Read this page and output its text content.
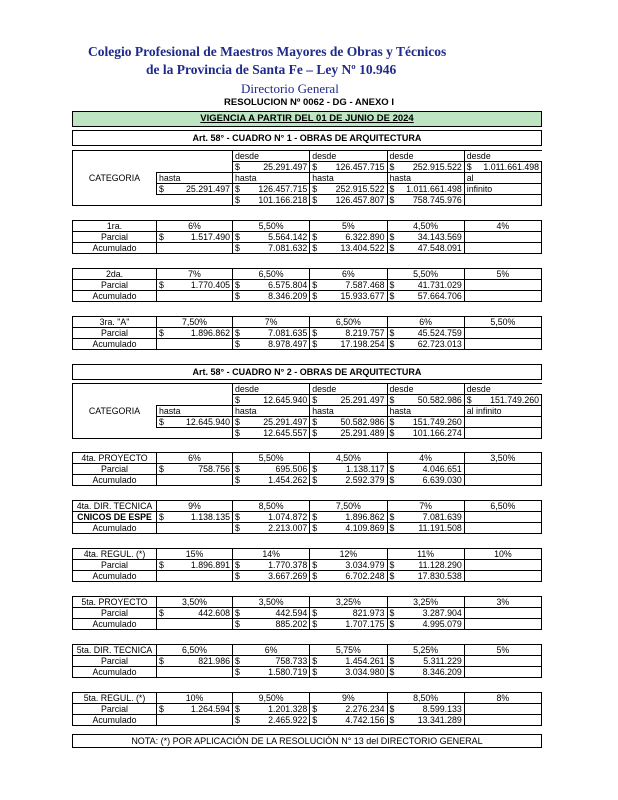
Colegio Profesional de Maestros Mayores de Obras y Técnicos
de la Provincia de Santa Fe – Ley Nº 10.946
Directorio General
RESOLUCION Nº 0062 - DG - ANEXO I
VIGENCIA A PARTIR DEL 01 DE JUNIO DE 2024
Art. 58° - CUADRO N° 1 - OBRAS DE ARQUITECTURA
Art. 58° - CUADRO N° 2 - OBRAS DE ARQUITECTURA
NOTA: (*) POR APLICACIÓN DE LA RESOLUCIÓN N° 13 del DIRECTORIO GENERAL
		desde	desde	desde	desde

		$ 25.291.497	$ 126.457.715	$ 252.915.522	$ 1.011.661.498
CATEGORIA	hasta	hasta	hasta	hasta	al

	$ 25.291.497	$ 126.457.715	$ 252.915.522	$ 1.011.661.498	infinito

		$ 101.166.218	$ 126.457.807	$ 758.745.976	
1ra.	6%	5,50%	5%	4,50%	4%
Parcial	$ 1.517.490	$ 5.564.142	$ 6.322.890	$ 34.143.569	
Acumulado		$ 7.081.632	$ 13.404.522	$ 47.548.091	
2da.	7%	6,50%	6%	5,50%	5%
Parcial	$ 1.770.405	$ 6.575.804	$ 7.587.468	$ 41.731.029	
Acumulado		$ 8.346.209	$ 15.933.677	$ 57.664.706	
3ra. "A"	7,50%	7%	6,50%	6%	5,50%
Parcial	$ 1.896.862	$ 7.081.635	$ 8.219.757	$ 45.524.759	
Acumulado		$ 8.978.497	$ 17.198.254	$ 62.723.013	
		desde	desde	desde	desde

		$ 12.645.940	$ 25.291.497	$ 50.582.986	$ 151.749.260
CATEGORIA	hasta	hasta	hasta	hasta	al infinito

	$ 12.645.940	$ 25.291.497	$ 50.582.986	$ 151.749.260	

		$ 12.645.557	$ 25.291.489	$ 101.166.274	
4ta. PROYECTO	6%	5,50%	4,50%	4%	3,50%
Parcial	$ 758.756	$ 695.506	$ 1.138.117	$ 4.046.651	
Acumulado		$ 1.454.262	$ 2.592.379	$ 6.639.030	
4ta. DIR. TECNICA	9%	8,50%	7,50%	7%	6,50%
CNICOS DE ESPE	$ 1.138.135	$ 1.074.872	$ 1.896.862	$ 7.081.639	
Acumulado		$ 2.213.007	$ 4.109.869	$ 11.191.508	
4ta. REGUL. (*)	15%	14%	12%	11%	10%
Parcial	$ 1.896.891	$ 1.770.378	$ 3.034.979	$ 11.128.290	
Acumulado		$ 3.667.269	$ 6.702.248	$ 17.830.538	
5ta. PROYECTO	3,50%	3,50%	3,25%	3,25%	3%
Parcial	$ 442.608	$ 442.594	$ 821.973	$ 3.287.904	
Acumulado		$ 885.202	$ 1.707.175	$ 4.995.079	
5ta. DIR. TECNICA	6,50%	6%	5,75%	5,25%	5%
Parcial	$ 821.986	$ 758.733	$ 1.454.261	$ 5.311.229	
Acumulado		$ 1.580.719	$ 3.034.980	$ 8.346.209	
5ta. REGUL. (*)	10%	9,50%	9%	8,50%	8%
Parcial	$ 1.264.594	$ 1.201.328	$ 2.276.234	$ 8.599.133	
Acumulado		$ 2.465.922	$ 4.742.156	$ 13.341.289	
